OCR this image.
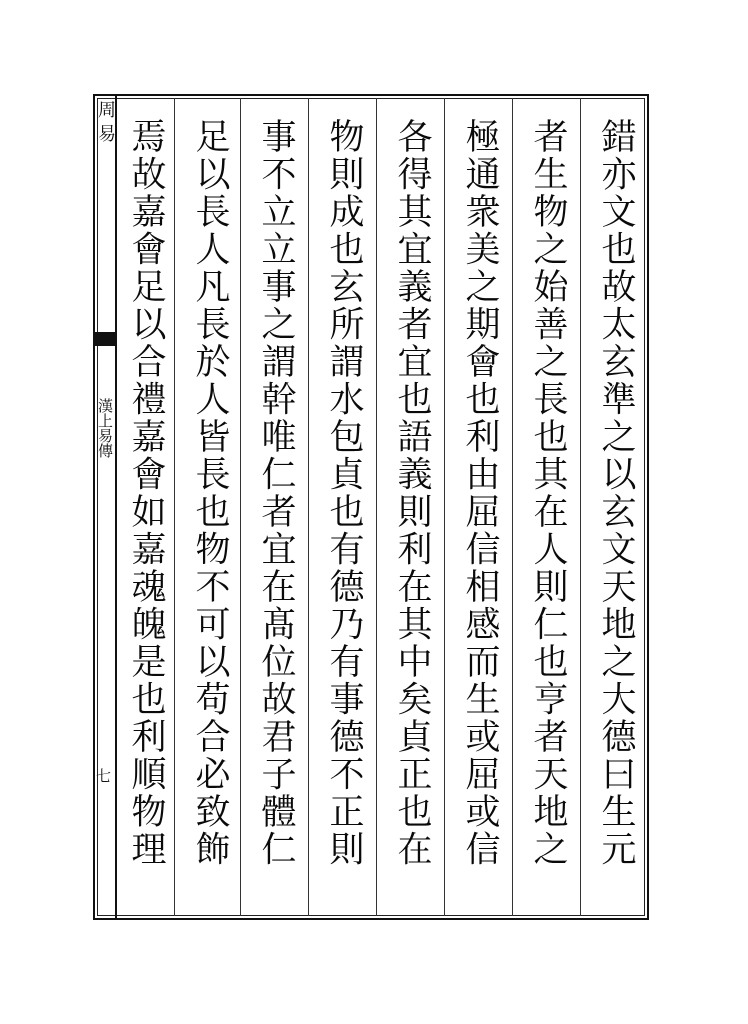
周易
漢上易傳
七	錯亦文也故太玄準之以玄文天地之大德曰生元
者生物之始善之長也其在人則仁也亨者天地之
極通衆美之期會也利由屈信相感而生或屈或信
各得其宜義者宜也語義則利在其中矣貞正也在
物則成也玄所謂水包貞也有德乃有事德不正則
事不立立事之謂幹唯仁者宜在髙位故君子體仁
足以長人凡長於人皆長也物不可以苟合必致飾
焉故嘉會足以合禮嘉會如嘉魂魄是也利順物理
